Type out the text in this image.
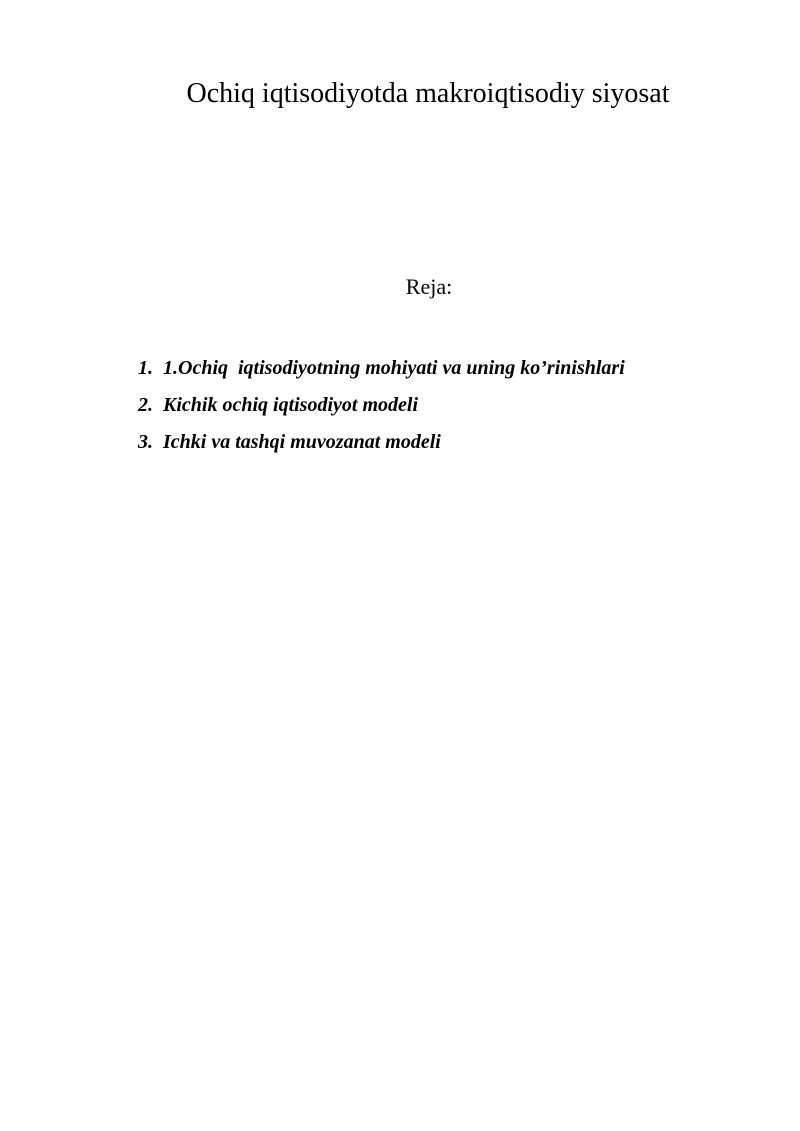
Ochiq iqtisodiyotda makroiqtisodiy siyosat
Reja:
1. 1.Ochiq  iqtisodiyotning mohiyati va uning ko’rinishlari
2. Kichik ochiq iqtisodiyot modeli
3. Ichki va tashqi muvozanat modeli
